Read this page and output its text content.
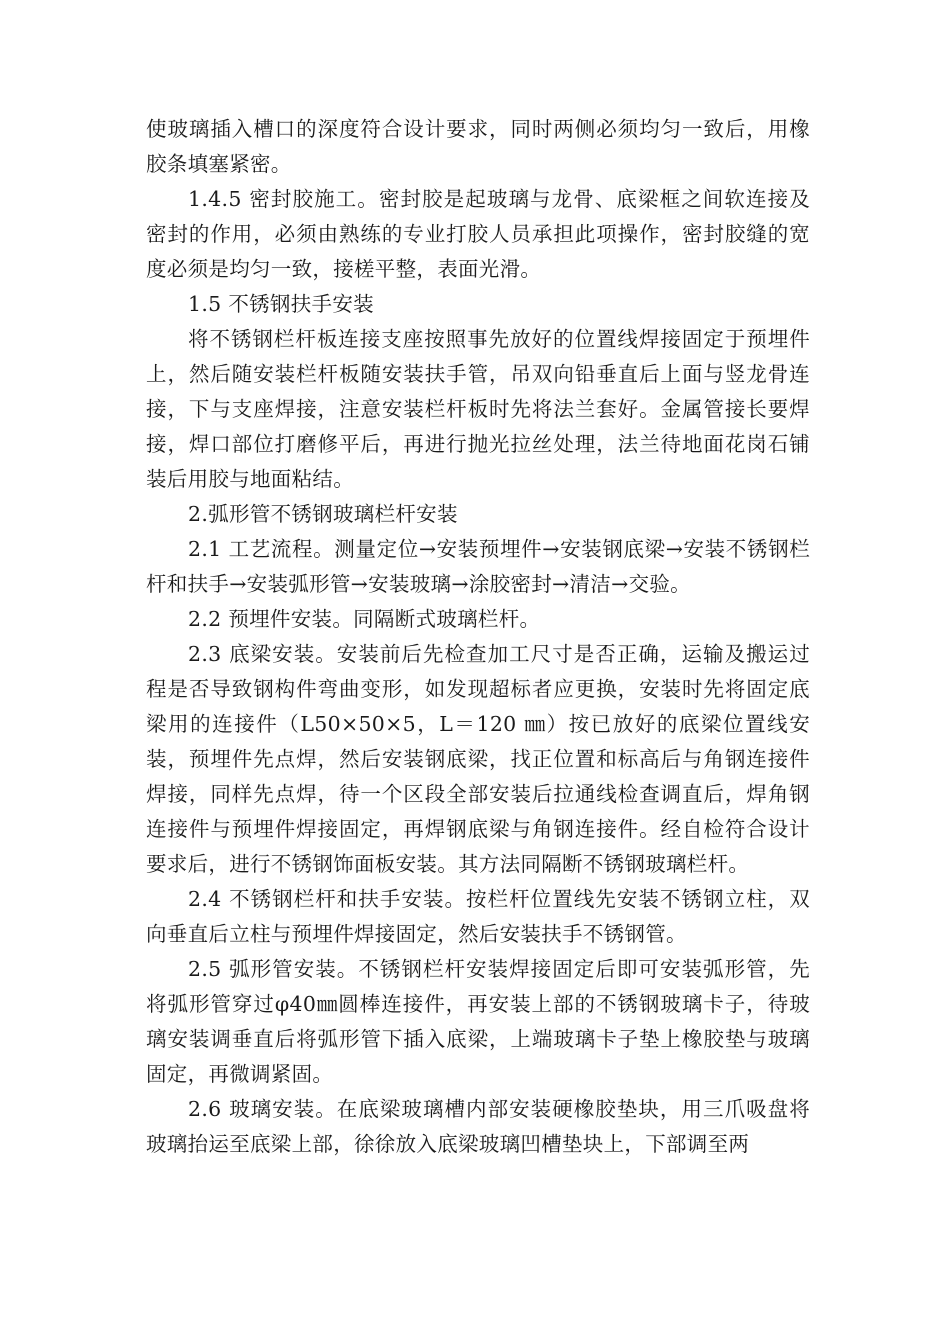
使玻璃插入槽口的深度符合设计要求，同时两侧必须均匀一致后，用橡胶条填塞紧密。

1.4.5 密封胶施工。密封胶是起玻璃与龙骨、底梁框之间软连接及密封的作用，必须由熟练的专业打胶人员承担此项操作，密封胶缝的宽度必须是均匀一致，接槎平整，表面光滑。

1.5 不锈钢扶手安装

将不锈钢栏杆板连接支座按照事先放好的位置线焊接固定于预埋件上，然后随安装栏杆板随安装扶手管，吊双向铅垂直后上面与竖龙骨连接，下与支座焊接，注意安装栏杆板时先将法兰套好。金属管接长要焊接，焊口部位打磨修平后，再进行抛光拉丝处理，法兰待地面花岗石铺装后用胶与地面粘结。

2.弧形管不锈钢玻璃栏杆安装

2.1 工艺流程。测量定位→安装预埋件→安装钢底梁→安装不锈钢栏杆和扶手→安装弧形管→安装玻璃→涂胶密封→清洁→交验。

2.2 预埋件安装。同隔断式玻璃栏杆。

2.3 底梁安装。安装前后先检查加工尺寸是否正确，运输及搬运过程是否导致钢构件弯曲变形，如发现超标者应更换，安装时先将固定底梁用的连接件（L50×50×5，L＝120 ㎜）按已放好的底梁位置线安装，预埋件先点焊，然后安装钢底梁，找正位置和标高后与角钢连接件焊接，同样先点焊，待一个区段全部安装后拉通线检查调直后，焊角钢连接件与预埋件焊接固定，再焊钢底梁与角钢连接件。经自检符合设计要求后，进行不锈钢饰面板安装。其方法同隔断不锈钢玻璃栏杆。

2.4 不锈钢栏杆和扶手安装。按栏杆位置线先安装不锈钢立柱，双向垂直后立柱与预埋件焊接固定，然后安装扶手不锈钢管。

2.5 弧形管安装。不锈钢栏杆安装焊接固定后即可安装弧形管，先将弧形管穿过φ40㎜圆棒连接件，再安装上部的不锈钢玻璃卡子，待玻璃安装调垂直后将弧形管下插入底梁，上端玻璃卡子垫上橡胶垫与玻璃固定，再微调紧固。

2.6 玻璃安装。在底梁玻璃槽内部安装硬橡胶垫块，用三爪吸盘将玻璃抬运至底梁上部，徐徐放入底梁玻璃凹槽垫块上，下部调至两
